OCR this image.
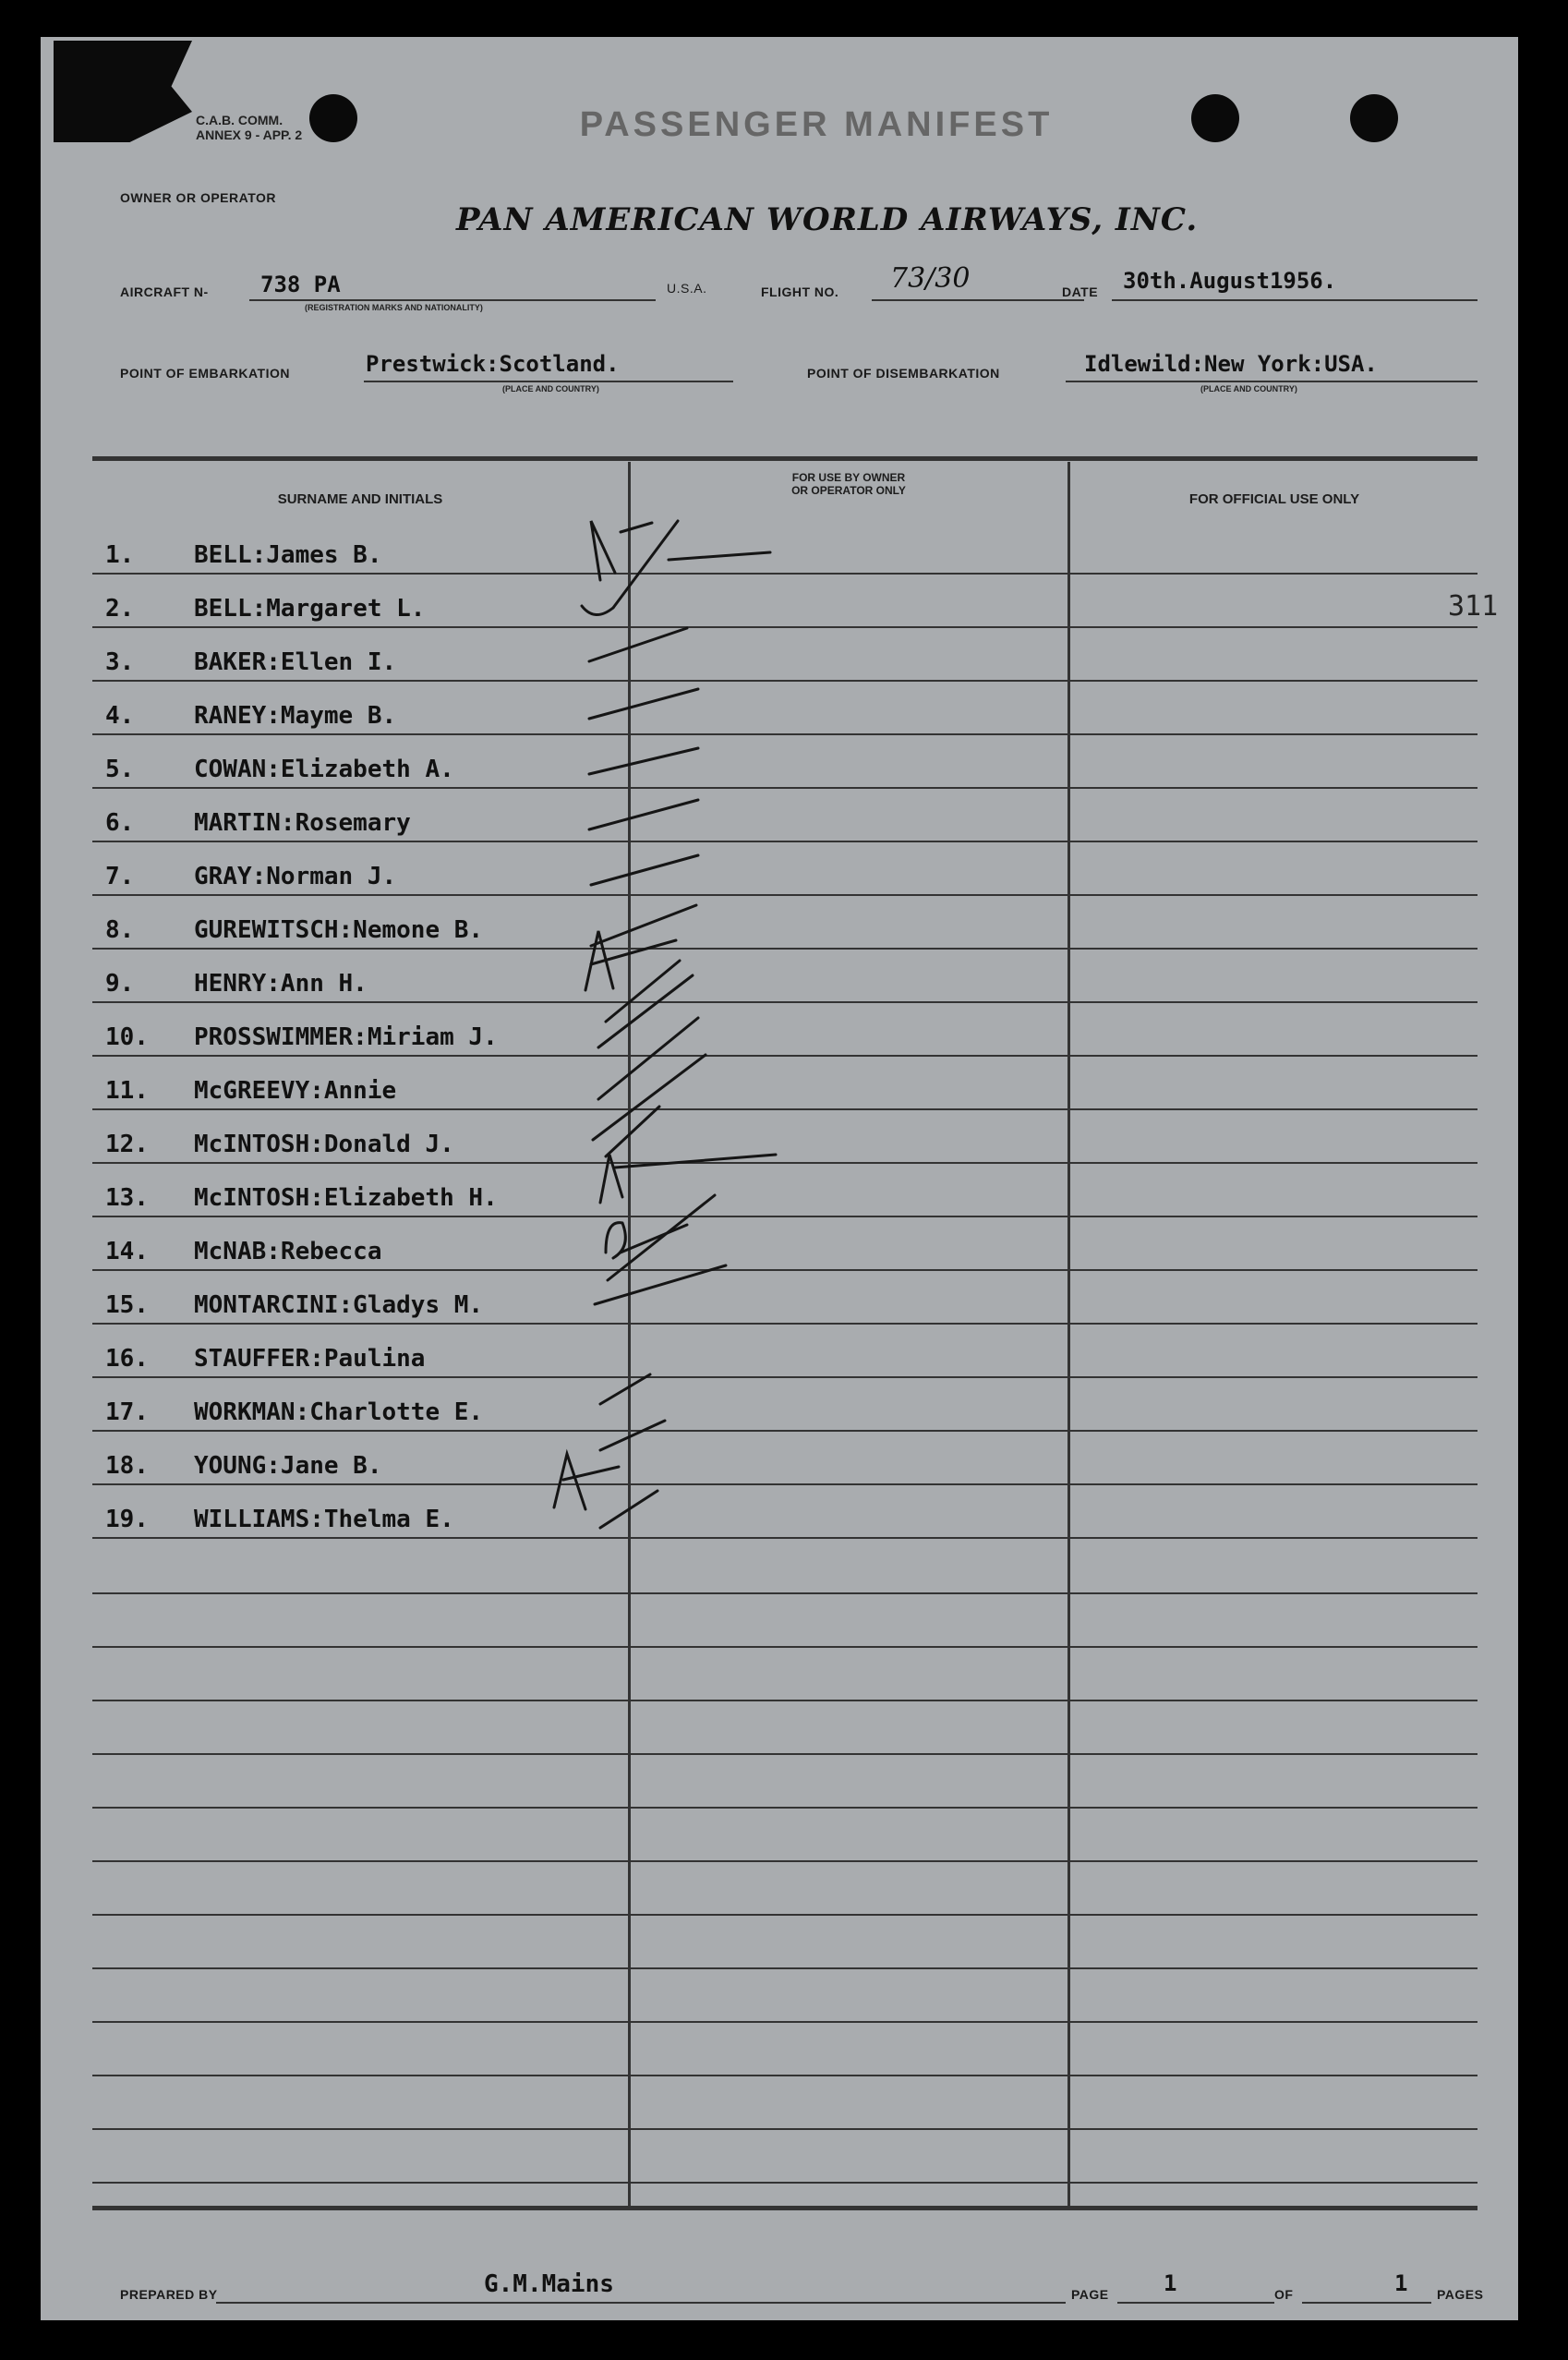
PASSENGER MANIFEST
OWNER OR OPERATOR
PAN AMERICAN WORLD AIRWAYS, INC.
AIRCRAFT N- 738 PA
(REGISTRATION MARKS AND NATIONALITY)
U.S.A.	FLIGHT NO. 73/30	DATE 30th.August1956.
POINT OF EMBARKATION	Prestwick:Scotland.
(PLACE AND COUNTRY)
POINT OF DISEMBARKATION	Idlewild:New York:USA.
(PLACE AND COUNTRY)
SURNAME AND INITIALS
FOR USE BY OWNER
OR OPERATOR ONLY
FOR OFFICIAL USE ONLY
1. BELL:James B.
2. BELL:Margaret L.	311
3. BAKER:Ellen I.
4. RANEY:Mayme B.
5. COWAN:Elizabeth A.
6. MARTIN:Rosemary
7. GRAY:Norman J.
8. GUREWITSCH:Nemone B.
9. HENRY:Ann H.
10. PROSSWIMMER:Miriam J.
11. McGREEVY:Annie
12. McINTOSH:Donald J.
13. McINTOSH:Elizabeth H.
14. McNAB:Rebecca
15. MONTARCINI:Gladys M.
16. STAUFFER:Paulina
17. WORKMAN:Charlotte E.
18. YOUNG:Jane B.
19. WILLIAMS:Thelma E.
PREPARED BY	G.M.Mains	PAGE 1	OF	1 PAGES
C.A.B. COMM.
ANNEX 9 - APP. 2
